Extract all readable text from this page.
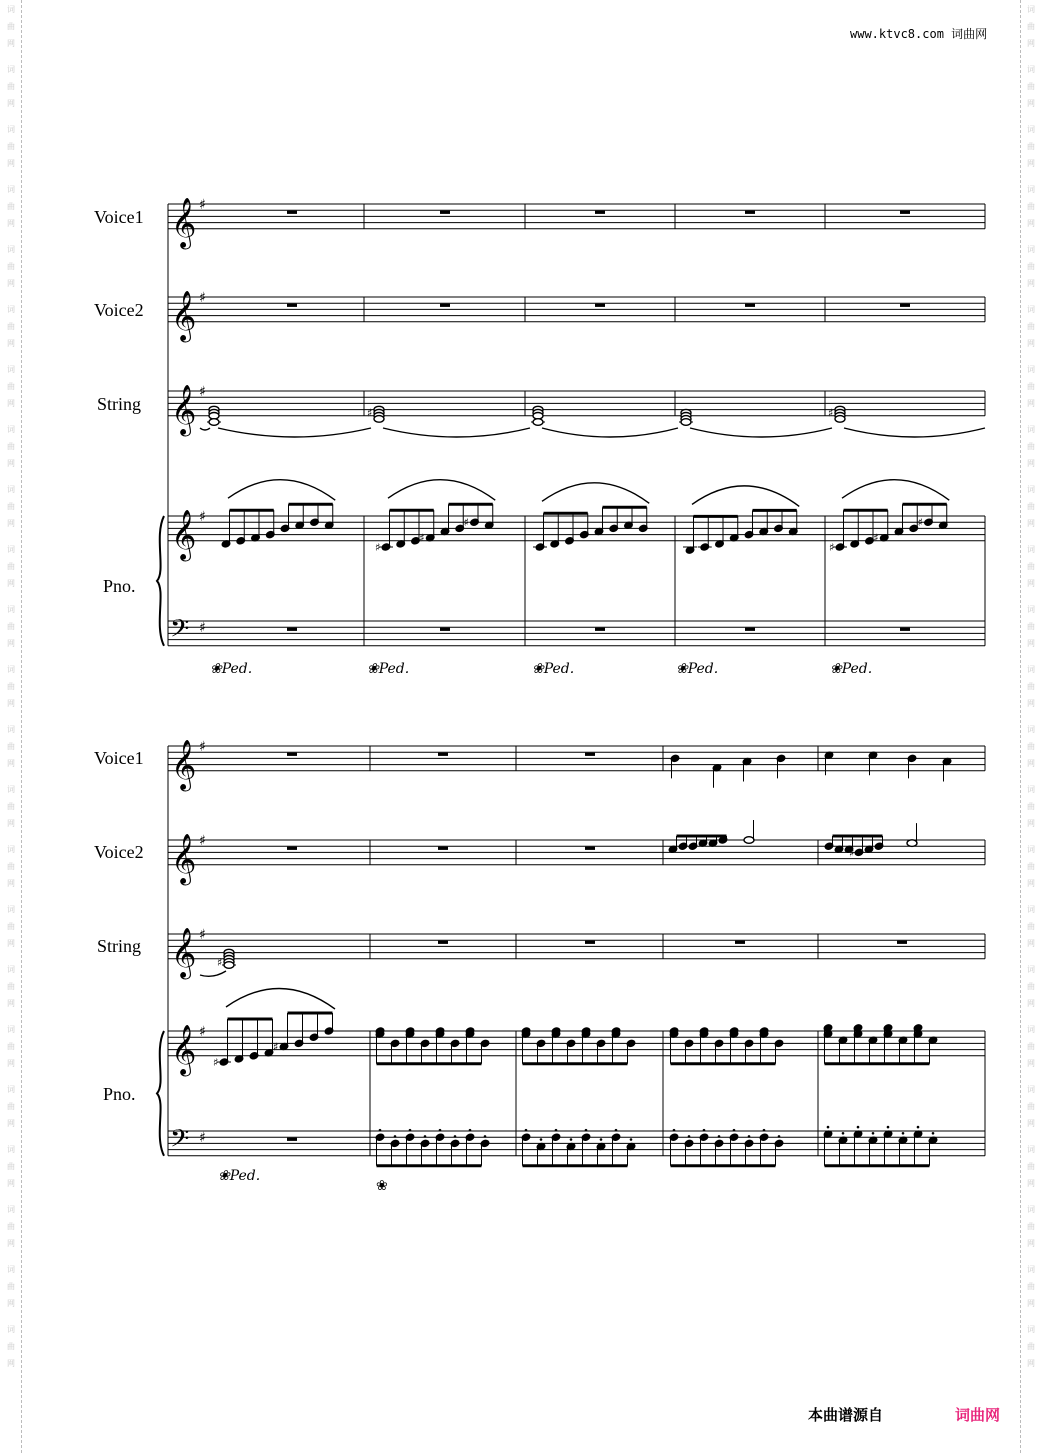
词
曲
网
词
曲
网
词
曲
网
词
曲
网
词
曲
网
词
曲
网
词
曲
网
词
曲
网
词
曲
网
词
曲
网
词
曲
网
词
曲
网
词
曲
网
词
曲
网
词
曲
网
词
曲
网
词
曲
网
词
曲
网
词
曲
网
词
曲
网
词
曲
网
词
曲
网
词
曲
网
词
曲
网
词
曲
网
词
曲
网
词
曲
网
词
曲
网
词
曲
网
词
曲
网
词
曲
网
词
曲
网
词
曲
网
词
曲
网
词
曲
网
词
曲
网
词
曲
网
词
曲
网
词
曲
网
词
曲
网
词
曲
网
词
曲
网
词
曲
网
词
曲
网
词
曲
网
词
曲
网
www.ktvc8.com 词曲网
Voice1
Voice2
String
Pno.
Voice1
Voice2
String
Pno.
𝄞 ♯
𝄞 ♯
𝄞 ♯
𝄞 ♯
𝄢 ♯
♯	♯
♯
♯
♯
♯
♯
♯
❀Ped.	❀Ped.	❀Ped.	❀Ped.	❀Ped.
𝄞 ♯
𝄞 ♯
𝄞 ♯
𝄞 ♯
𝄢 ♯
♯
♯
♯
♯
❀Ped.
❀
本曲谱源自	词曲网
